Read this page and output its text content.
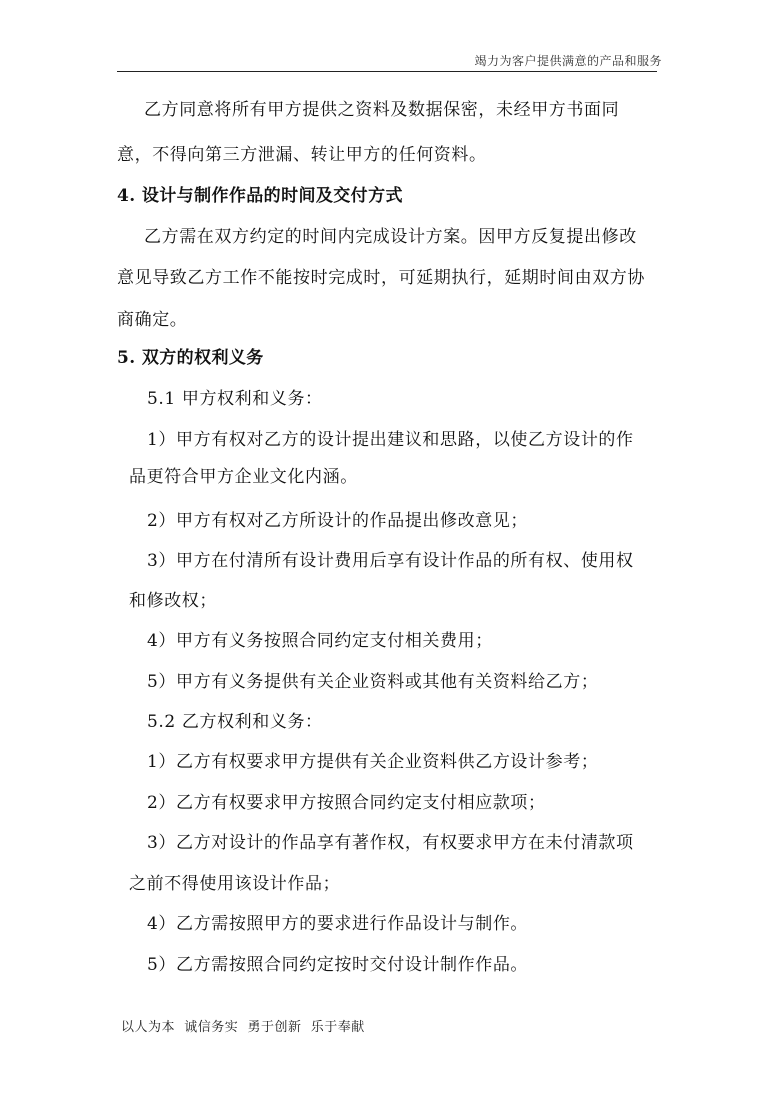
竭力为客户提供满意的产品和服务
乙方同意将所有甲方提供之资料及数据保密，未经甲方书面同
意，不得向第三方泄漏、转让甲方的任何资料。
4. 设计与制作作品的时间及交付方式
乙方需在双方约定的时间内完成设计方案。因甲方反复提出修改
意见导致乙方工作不能按时完成时，可延期执行，延期时间由双方协
商确定。
5. 双方的权利义务
5.1 甲方权利和义务：
1）甲方有权对乙方的设计提出建议和思路，以使乙方设计的作
品更符合甲方企业文化内涵。
2）甲方有权对乙方所设计的作品提出修改意见；
3）甲方在付清所有设计费用后享有设计作品的所有权、使用权
和修改权；
4）甲方有义务按照合同约定支付相关费用；
5）甲方有义务提供有关企业资料或其他有关资料给乙方；
5.2 乙方权利和义务：
1）乙方有权要求甲方提供有关企业资料供乙方设计参考；
2）乙方有权要求甲方按照合同约定支付相应款项；
3）乙方对设计的作品享有著作权，有权要求甲方在未付清款项
之前不得使用该设计作品；
4）乙方需按照甲方的要求进行作品设计与制作。
5）乙方需按照合同约定按时交付设计制作作品。
以人为本  诚信务实  勇于创新  乐于奉献
